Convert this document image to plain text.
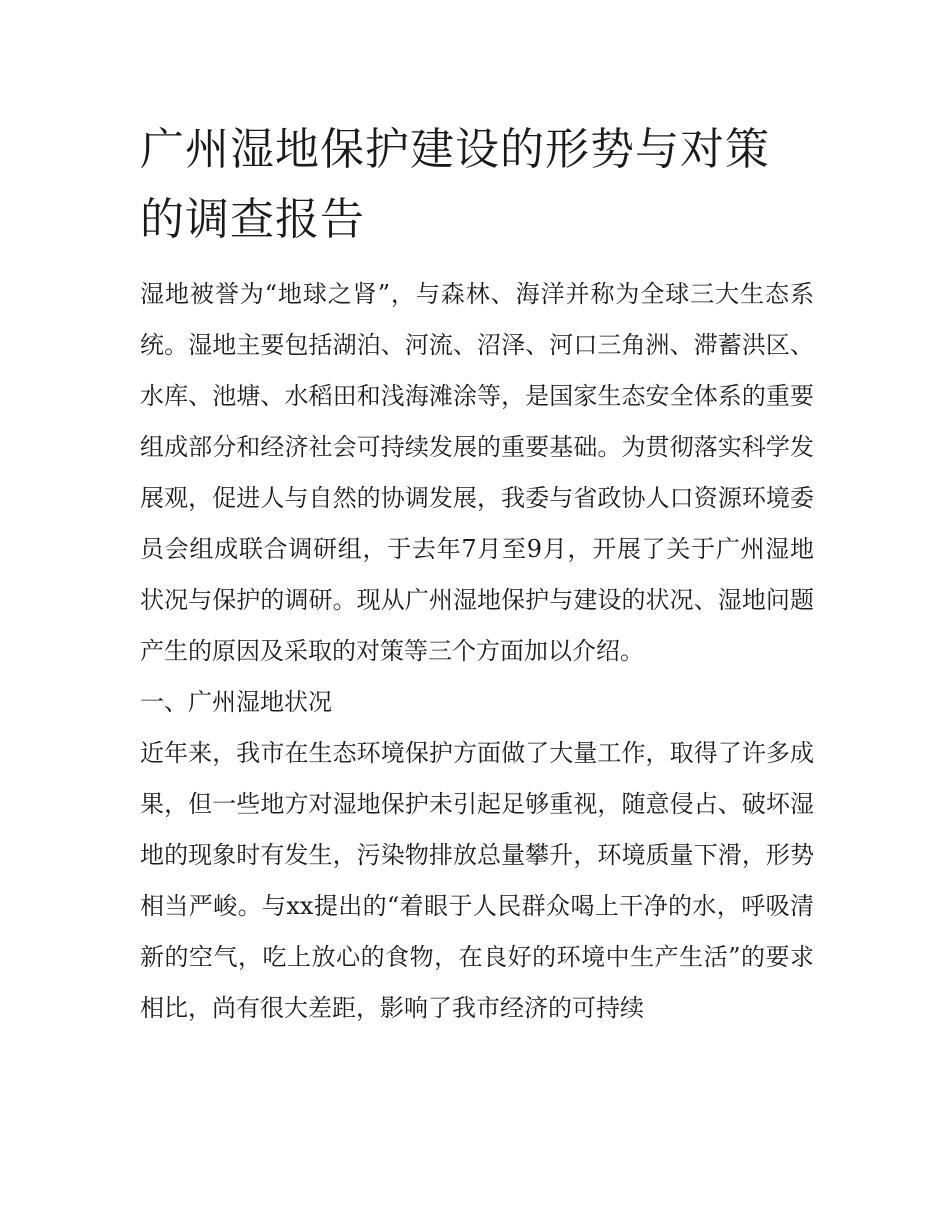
广州湿地保护建设的形势与对策的调查报告

湿地被誉为“地球之肾”，与森林、海洋并称为全球三大生态系统。湿地主要包括湖泊、河流、沼泽、河口三角洲、滞蓄洪区、水库、池塘、水稻田和浅海滩涂等，是国家生态安全体系的重要组成部分和经济社会可持续发展的重要基础。为贯彻落实科学发展观，促进人与自然的协调发展，我委与省政协人口资源环境委员会组成联合调研组，于去年7月至9月，开展了关于广州湿地状况与保护的调研。现从广州湿地保护与建设的状况、湿地问题产生的原因及采取的对策等三个方面加以介绍。

一、广州湿地状况

近年来，我市在生态环境保护方面做了大量工作，取得了许多成果，但一些地方对湿地保护未引起足够重视，随意侵占、破坏湿地的现象时有发生，污染物排放总量攀升，环境质量下滑，形势相当严峻。与xx提出的“着眼于人民群众喝上干净的水，呼吸清新的空气，吃上放心的食物，在良好的环境中生产生活”的要求相比，尚有很大差距，影响了我市经济的可持续
